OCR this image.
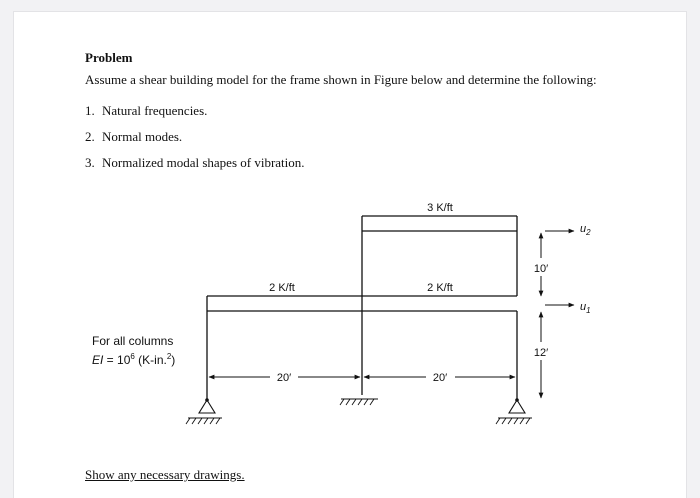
Problem
Assume a shear building model for the frame shown in Figure below and determine the following:
1. Natural frequencies.
2. Normal modes.
3. Normalized modal shapes of vibration.
3 K/ft
2 K/ft	2 K/ft
For all columns
EI = $10^6$ (K-in.$^2$)
20′	20′
10′
12′
$u_2$
$u_1$
Show any necessary drawings.
